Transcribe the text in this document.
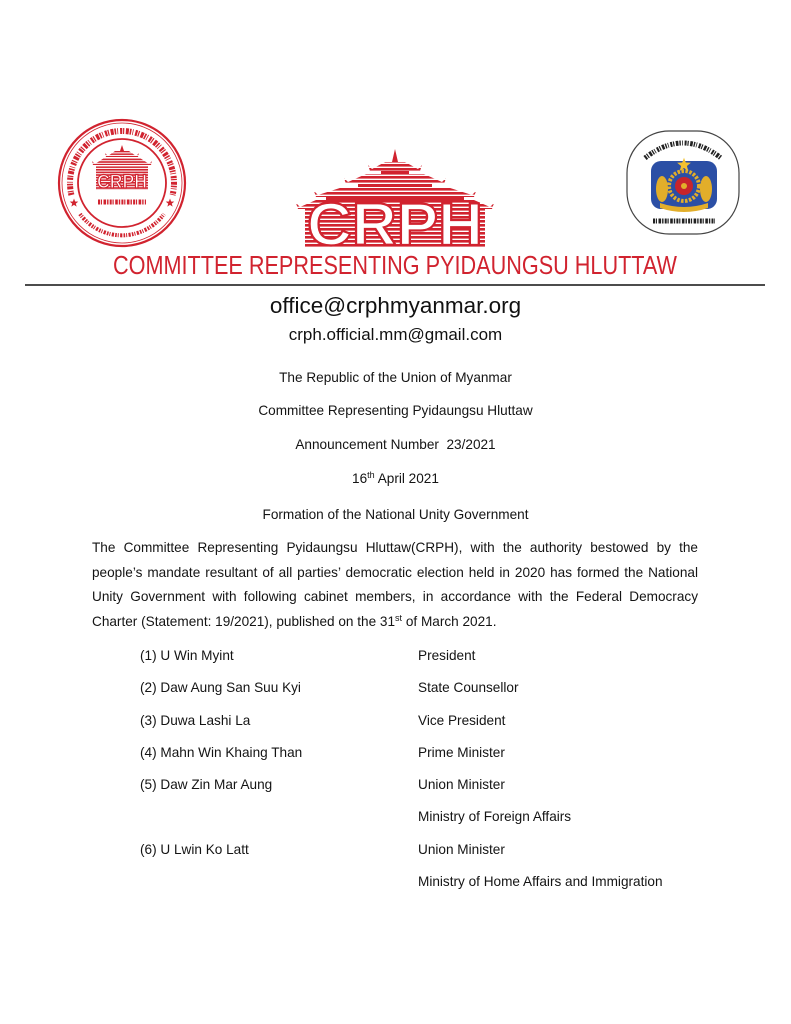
CRPH
CRPH
COMMITTEE REPRESENTING PYIDAUNGSU HLUTTAW
office@crphmyanmar.org
crph.official.mm@gmail.com
The Republic of the Union of Myanmar
Committee Representing Pyidaungsu Hluttaw
Announcement Number  23/2021
16th April 2021
Formation of the National Unity Government
The Committee Representing Pyidaungsu Hluttaw(CRPH), with the authority bestowed by the
people’s mandate resultant of all parties’ democratic election held in 2020 has formed the National
Unity Government with following cabinet members, in accordance with the Federal Democracy
Charter (Statement: 19/2021), published on the 31st of March 2021.
(1) U Win Myint	President
(2) Daw Aung San Suu Kyi	State Counsellor
(3) Duwa Lashi La	Vice President
(4) Mahn Win Khaing Than	Prime Minister
(5) Daw Zin Mar Aung	Union Minister
Ministry of Foreign Affairs
(6) U Lwin Ko Latt	Union Minister
Ministry of Home Affairs and Immigration
